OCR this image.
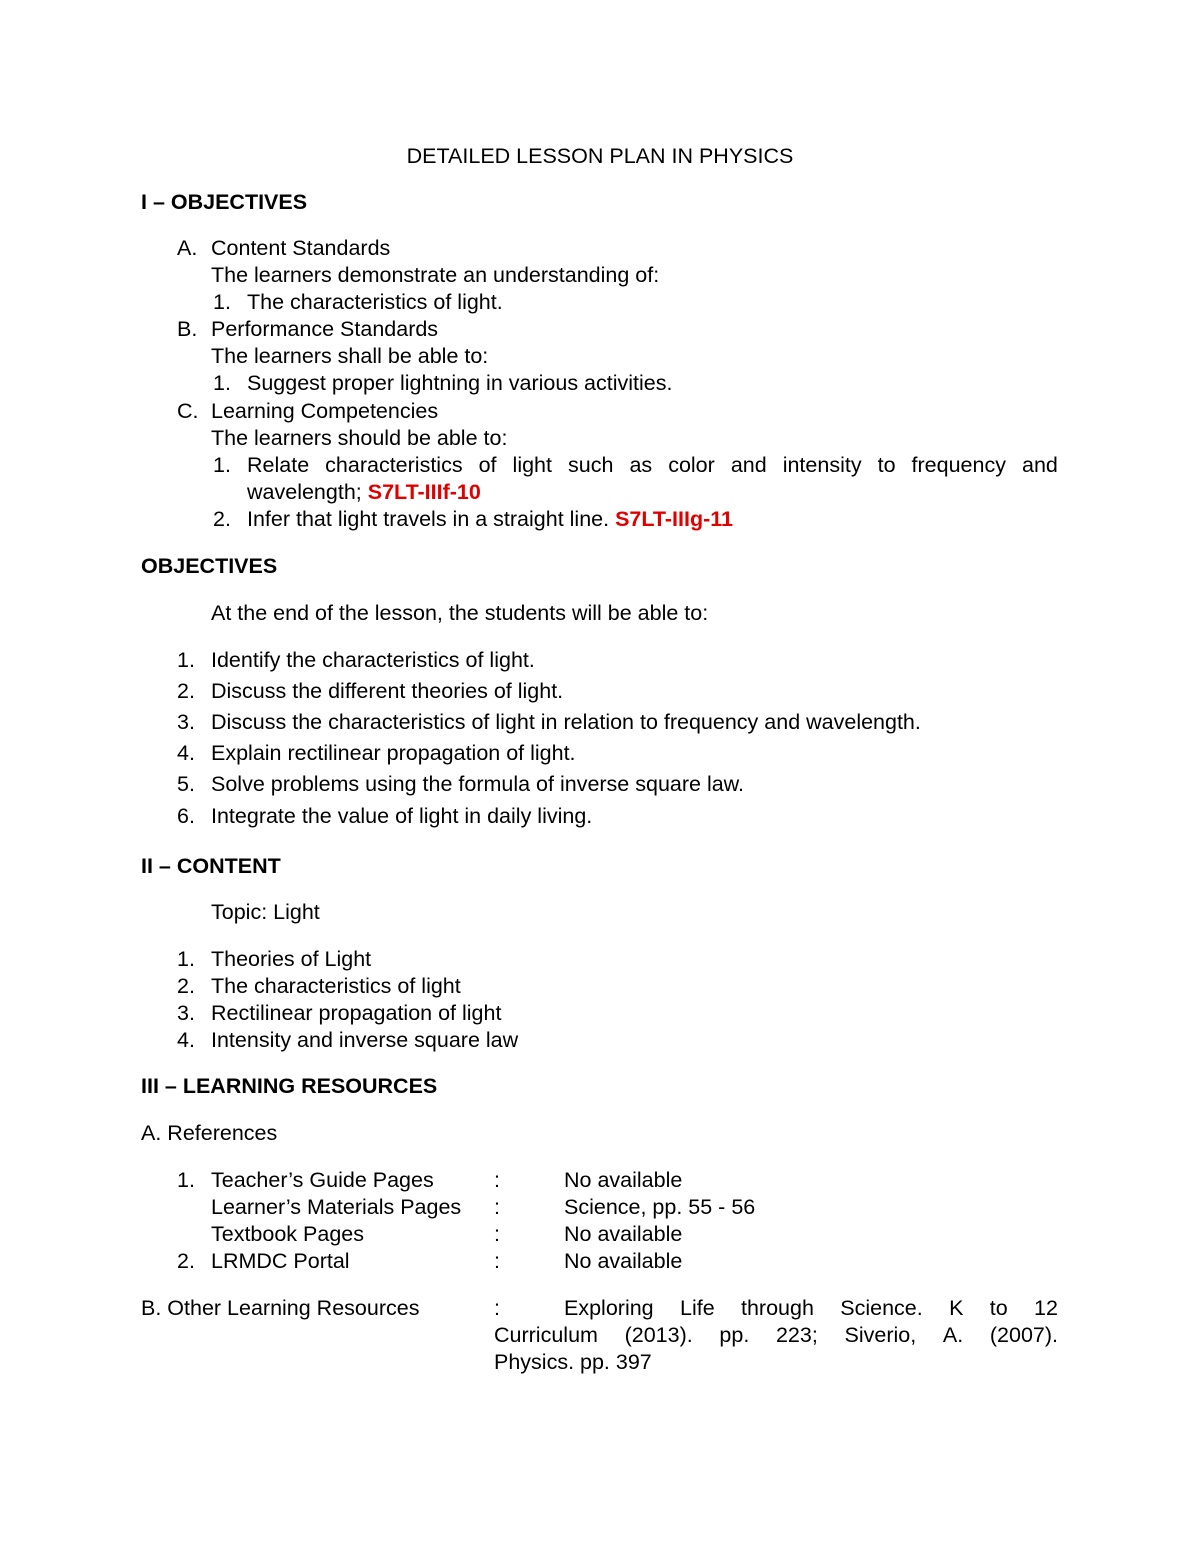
DETAILED LESSON PLAN IN PHYSICS
I – OBJECTIVES
A. Content Standards
The learners demonstrate an understanding of:
1. The characteristics of light.
B. Performance Standards
The learners shall be able to:
1. Suggest proper lightning in various activities.
C. Learning Competencies
The learners should be able to:
1. Relate characteristics of light such as color and intensity to frequency and
wavelength; S7LT-IIIf-10
2. Infer that light travels in a straight line. S7LT-IIIg-11
OBJECTIVES
At the end of the lesson, the students will be able to:
1. Identify the characteristics of light.
2. Discuss the different theories of light.
3. Discuss the characteristics of light in relation to frequency and wavelength.
4. Explain rectilinear propagation of light.
5. Solve problems using the formula of inverse square law.
6. Integrate the value of light in daily living.
II – CONTENT
Topic: Light
1. Theories of Light
2. The characteristics of light
3. Rectilinear propagation of light
4. Intensity and inverse square law
III – LEARNING RESOURCES
A. References
1. Teacher’s Guide Pages	:	No available
Learner’s Materials Pages :	Science, pp. 55 - 56
Textbook Pages	:	No available
2. LRMDC Portal	:	No available
B. Other Learning Resources	:	Exploring Life through Science. K to 12
Curriculum (2013). pp. 223; Siverio, A. (2007).
Physics. pp. 397
